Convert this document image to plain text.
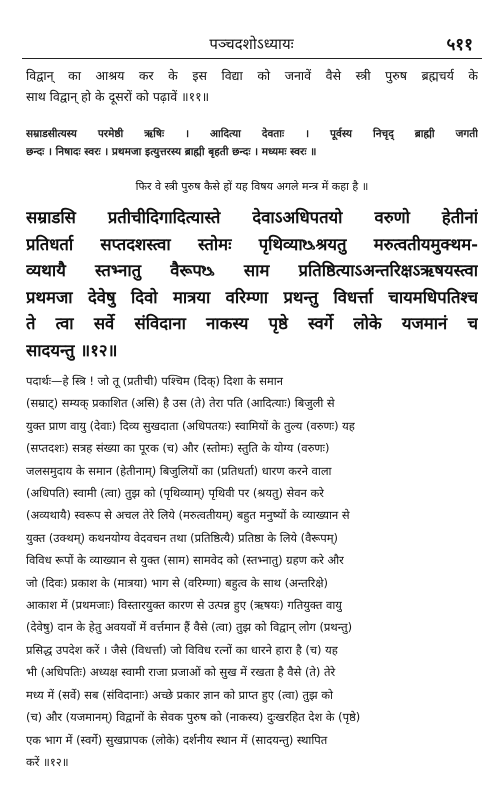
पञ्चदशोऽध्यायः	५११
विद्वान् का आश्रय कर के इस विद्या को जनावें वैसे स्त्री पुरुष ब्रह्मचर्य के
साथ विद्वान् हो के दूसरों को पढ़ावें ॥११॥
सम्राडसीत्यस्य परमेष्ठी ऋषिः । आदित्या देवताः । पूर्वस्य निचृद् ब्राह्मी जगती
छन्दः । निषादः स्वरः । प्रथमजा इत्युत्तरस्य ब्राह्मी बृहती छन्दः । मध्यमः स्वरः ॥
फिर वे स्त्री पुरुष कैसे हों यह विषय अगले मन्त्र में कहा है ॥
सम्राडसि प्रतीचीदिगादित्यास्ते देवाऽअधिपतयो वरुणो हेतीनां
प्रतिधर्ता सप्तदशस्त्वा स्तोमः पृथिव्याᳬश्रयतु मरुत्वतीयमुक्थम-
व्यथायै स्तभ्नातु वैरूपᳬ साम प्रतिष्ठित्याऽअन्तरिक्षऽऋषयस्त्वा
प्रथमजा देवेषु दिवो मात्रया वरिम्णा प्रथन्तु विधर्त्ता चायमधिपतिश्च
ते त्वा सर्वे संविदाना नाकस्य पृष्ठे स्वर्गे लोके यजमानं च
सादयन्तु ॥१२॥
पदार्थः—हे स्त्रि ! जो तू (प्रतीची) पश्चिम (दिक्) दिशा के समान
(सम्राट्) सम्यक् प्रकाशित (असि) है उस (ते) तेरा पति (आदित्याः) बिजुली से
युक्त प्राण वायु (देवाः) दिव्य सुखदाता (अधिपतयः) स्वामियों के तुल्य (वरुणः) यह
(सप्तदशः) सत्रह संख्या का पूरक (च) और (स्तोमः) स्तुति के योग्य (वरुणः)
जलसमुदाय के समान (हेतीनाम्) बिजुलियों का (प्रतिधर्ता) धारण करने वाला
(अधिपति) स्वामी (त्वा) तुझ को (पृथिव्याम्) पृथिवी पर (श्रयतु) सेवन करे
(अव्यथायै) स्वरूप से अचल तेरे लिये (मरुत्वतीयम्) बहुत मनुष्यों के व्याख्यान से
युक्त (उक्थम्) कथनयोग्य वेदवचन तथा (प्रतिष्ठित्यै) प्रतिष्ठा के लिये (वैरूपम्)
विविध रूपों के व्याख्यान से युक्त (साम) सामवेद को (स्तभ्नातु) ग्रहण करे और
जो (दिवः) प्रकाश के (मात्रया) भाग से (वरिम्णा) बहुत्व के साथ (अन्तरिक्षे)
आकाश में (प्रथमजाः) विस्तारयुक्त कारण से उत्पन्न हुए (ऋषयः) गतियुक्त वायु
(देवेषु) दान के हेतु अवयवों में वर्त्तमान हैं वैसे (त्वा) तुझ को विद्वान् लोग (प्रथन्तु)
प्रसिद्ध उपदेश करें । जैसे (विधर्त्ता) जो विविध रत्नों का धारने हारा है (च) यह
भी (अधिपतिः) अध्यक्ष स्वामी राजा प्रजाओं को सुख में रखता है वैसे (ते) तेरे
मध्य में (सर्वे) सब (संविदानाः) अच्छे प्रकार ज्ञान को प्राप्त हुए (त्वा) तुझ को
(च) और (यजमानम्) विद्वानों के सेवक पुरुष को (नाकस्य) दुःखरहित देश के (पृष्ठे)
एक भाग में (स्वर्गे) सुखप्रापक (लोके) दर्शनीय स्थान में (सादयन्तु) स्थापित
करें ॥१२॥
